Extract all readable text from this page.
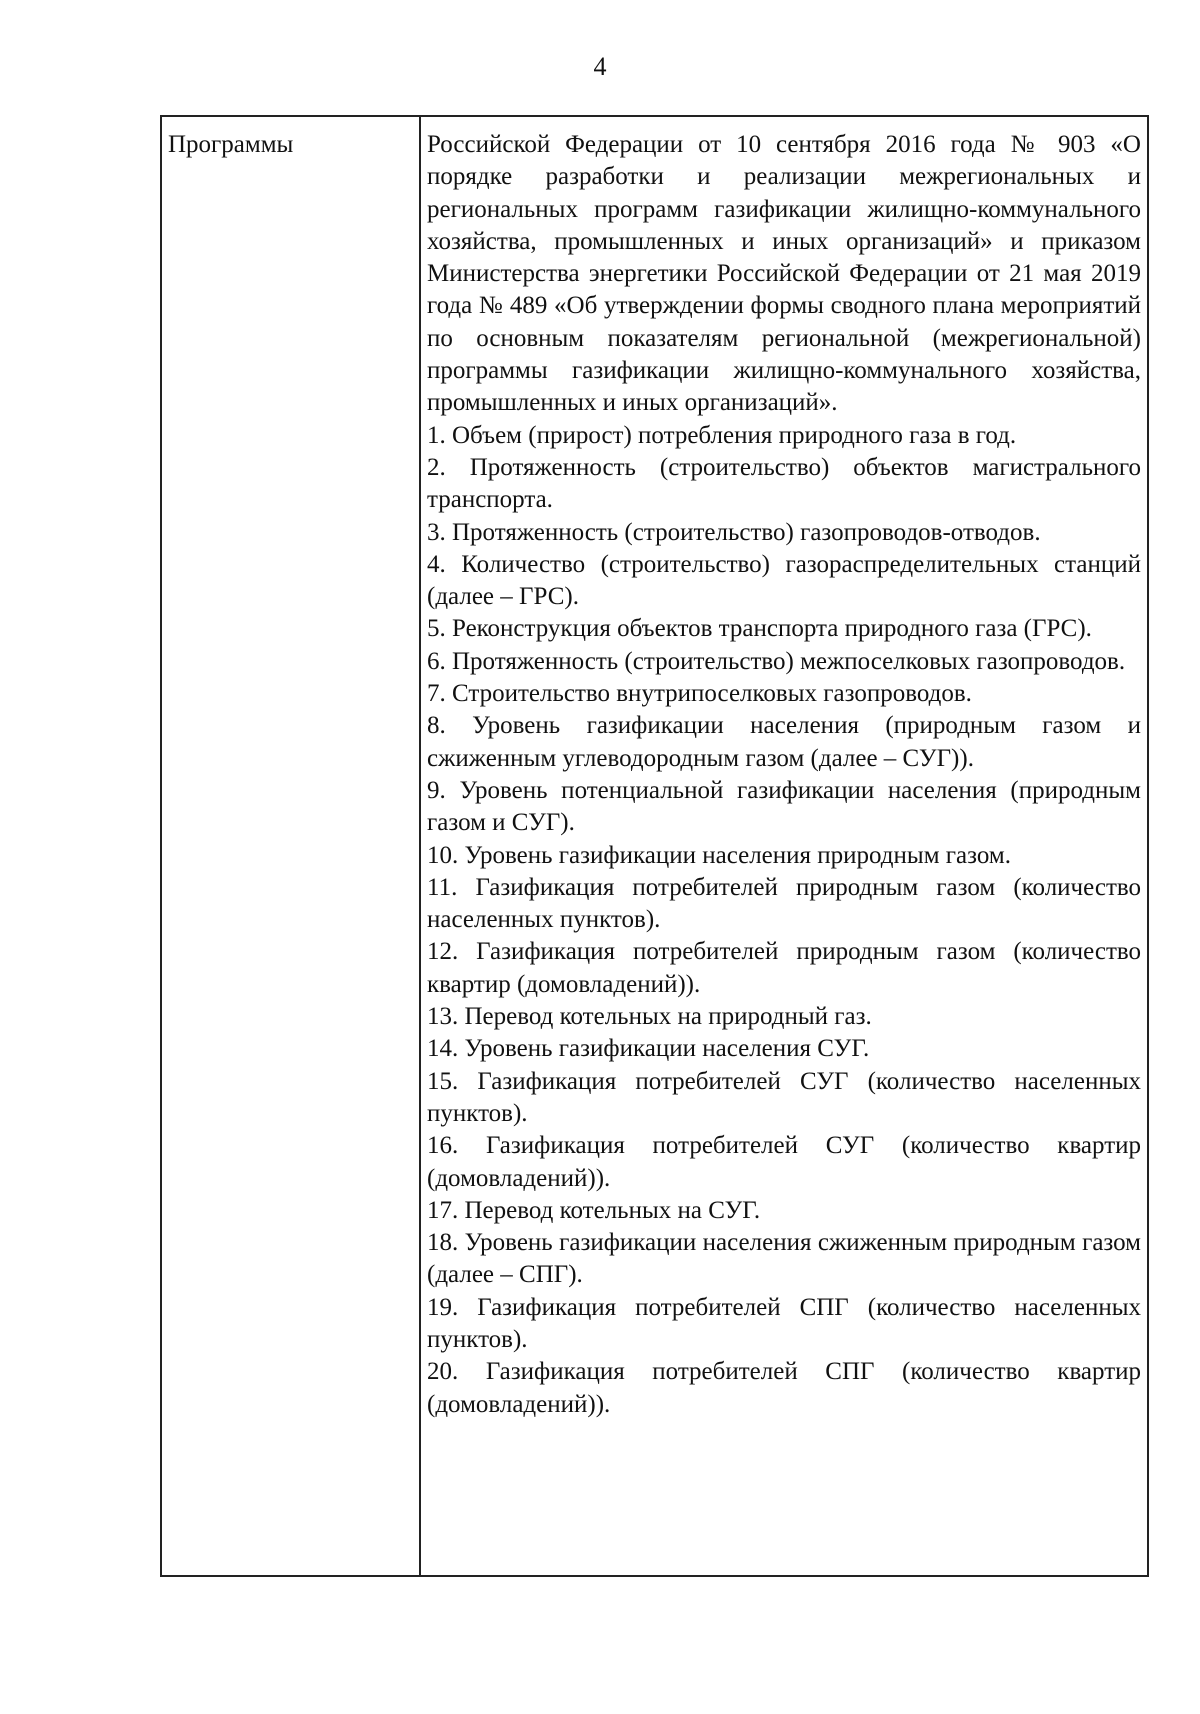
4
Программы	Российской Федерации от 10 сентября 2016 года № 903 «О порядке разработки и реализации межрегиональных и региональных программ газификации жилищно-коммунального хозяйства, промышленных и иных организаций» и приказом Министерства энергетики Российской Федерации от 21 мая 2019 года № 489 «Об утверждении формы сводного плана мероприятий по основным показателям региональной (межрегиональной) программы газификации жилищно-коммунального хозяйства, промышленных и иных организаций».

1. Объем (прирост) потребления природного газа в год.

2. Протяженность (строительство) объектов магистрального транспорта.

3. Протяженность (строительство) газопроводов-отводов.

4. Количество (строительство) газораспределительных станций (далее – ГРС).

5. Реконструкция объектов транспорта природного газа (ГРС).

6. Протяженность (строительство) межпоселковых газопроводов.

7. Строительство внутрипоселковых газопроводов.

8. Уровень газификации населения (природным газом и сжиженным углеводородным газом (далее – СУГ)).

9. Уровень потенциальной газификации населения (природным газом и СУГ).

10. Уровень газификации населения природным газом.

11. Газификация потребителей природным газом (количество населенных пунктов).

12. Газификация потребителей природным газом (количество квартир (домовладений)).

13. Перевод котельных на природный газ.

14. Уровень газификации населения СУГ.

15. Газификация потребителей СУГ (количество населенных пунктов).

16. Газификация потребителей СУГ (количество квартир (домовладений)).

17. Перевод котельных на СУГ.

18. Уровень газификации населения сжиженным природным газом (далее – СПГ).

19. Газификация потребителей СПГ (количество населенных пунктов).

20. Газификация потребителей СПГ (количество квартир (домовладений)).
